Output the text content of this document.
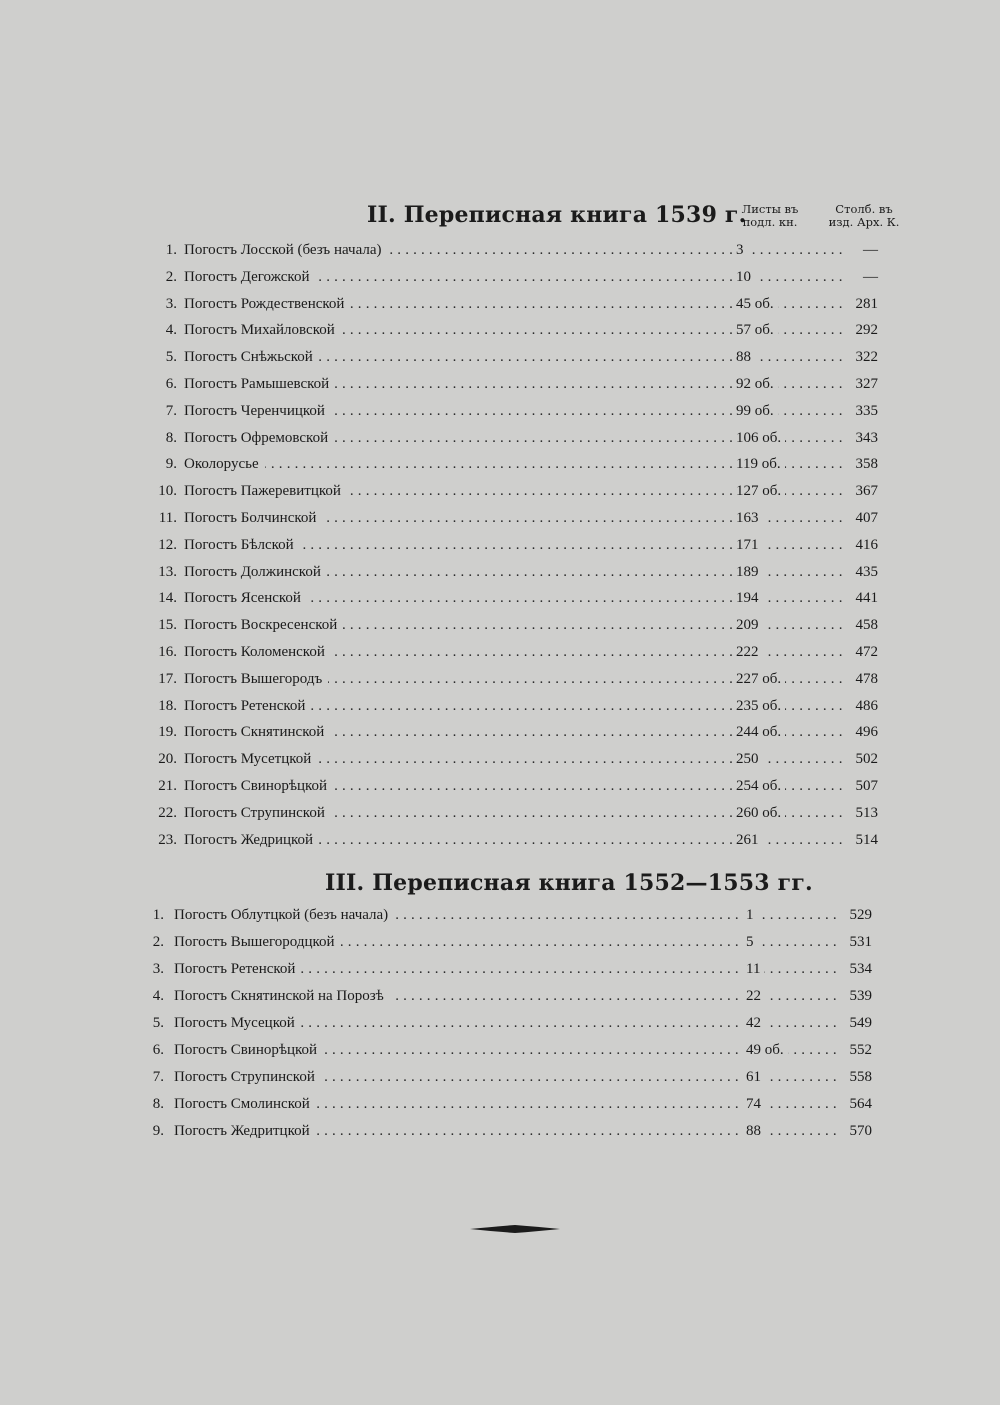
II. Переписная книга 1539 г.
Листы въ
подл. кн.
Столб. въ
изд. Арх. К.
1. Погостъ Лосской (безъ начала) . . .	3 . . .	—
2. Погостъ Дегожской . . .	10 . . .	—
3. Погостъ Рождественской . . .	45 об. . . .	281
4. Погостъ Михайловской . . .	57 об. . . .	292
5. Погостъ Снѣжьской . . .	88 . . .	322
6. Погостъ Рамышевской . . .	92 об. . . .	327
7. Погостъ Черенчицкой . . .	99 об. . . .	335
8. Погостъ Офремовской . . .	106 об. . . .	343
9. Околорусье . . .	119 об. . . .	358
10. Погостъ Пажеревитцкой . . .	127 об. . . .	367
11. Погостъ Болчинской . . .	163 . . .	407
12. Погостъ Бѣлской . . .	171 . . .	416
13. Погостъ Должинской . . .	189 . . .	435
14. Погостъ Ясенской . . .	194 . . .	441
15. Погостъ Воскресенской . . .	209 . . .	458
16. Погостъ Коломенской . . .	222 . . .	472
17. Погостъ Вышегородъ . . .	227 об. . . .	478
18. Погостъ Ретенской . . .	235 об. . . .	486
19. Погостъ Скнятинской . . .	244 об. . . .	496
20. Погостъ Мусетцкой . . .	250 . . .	502
21. Погостъ Свинорѣцкой . . .	254 об. . . .	507
22. Погостъ Струпинской . . .	260 об. . . .	513
23. Погостъ Жедрицкой . . .	261 . . .	514
III. Переписная книга 1552—1553 гг.
1. Погостъ Облутцкой (безъ начала) . . .	1 . . .	529
2. Погостъ Вышегородцкой . . .	5 . . .	531
3. Погостъ Ретенской . . .	11 . . .	534
4. Погостъ Скнятинской на Порозѣ . . .	22 . . .	539
5. Погостъ Мусецкой . . .	42 . . .	549
6. Погостъ Свинорѣцкой . . .	49 об. . . .	552
7. Погостъ Струпинской . . .	61 . . .	558
8. Погостъ Смолинской . . .	74 . . .	564
9. Погостъ Жедритцкой . . .	88 . . .	570
